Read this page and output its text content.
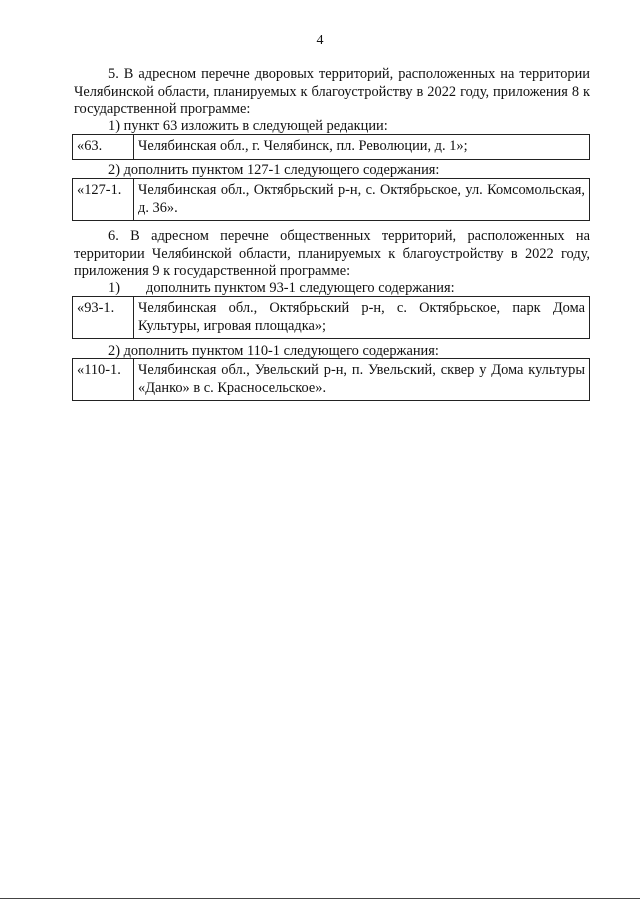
4
5. В адресном перечне дворовых территорий, расположенных на территории Челябинской области, планируемых к благоустройству в 2022 году, приложения 8 к государственной программе:
1) пункт 63 изложить в следующей редакции:
«63.	Челябинская обл., г. Челябинск, пл. Революции, д. 1»;
2) дополнить пунктом 127-1 следующего содержания:
«127-1.	Челябинская обл., Октябрьский р-н, с. Октябрьское, ул. Комсомольская, д. 36».
6. В адресном перечне общественных территорий, расположенных на территории Челябинской области, планируемых к благоустройству в 2022 году, приложения 9 к государственной программе:
1) дополнить пунктом 93-1 следующего содержания:
«93-1.	Челябинская обл., Октябрьский р-н, с. Октябрьское, парк Дома Культуры, игровая площадка»;
2) дополнить пунктом 110-1 следующего содержания:
«110-1.	Челябинская обл., Увельский р-н, п. Увельский, сквер у Дома культуры «Данко» в с. Красносельское».
